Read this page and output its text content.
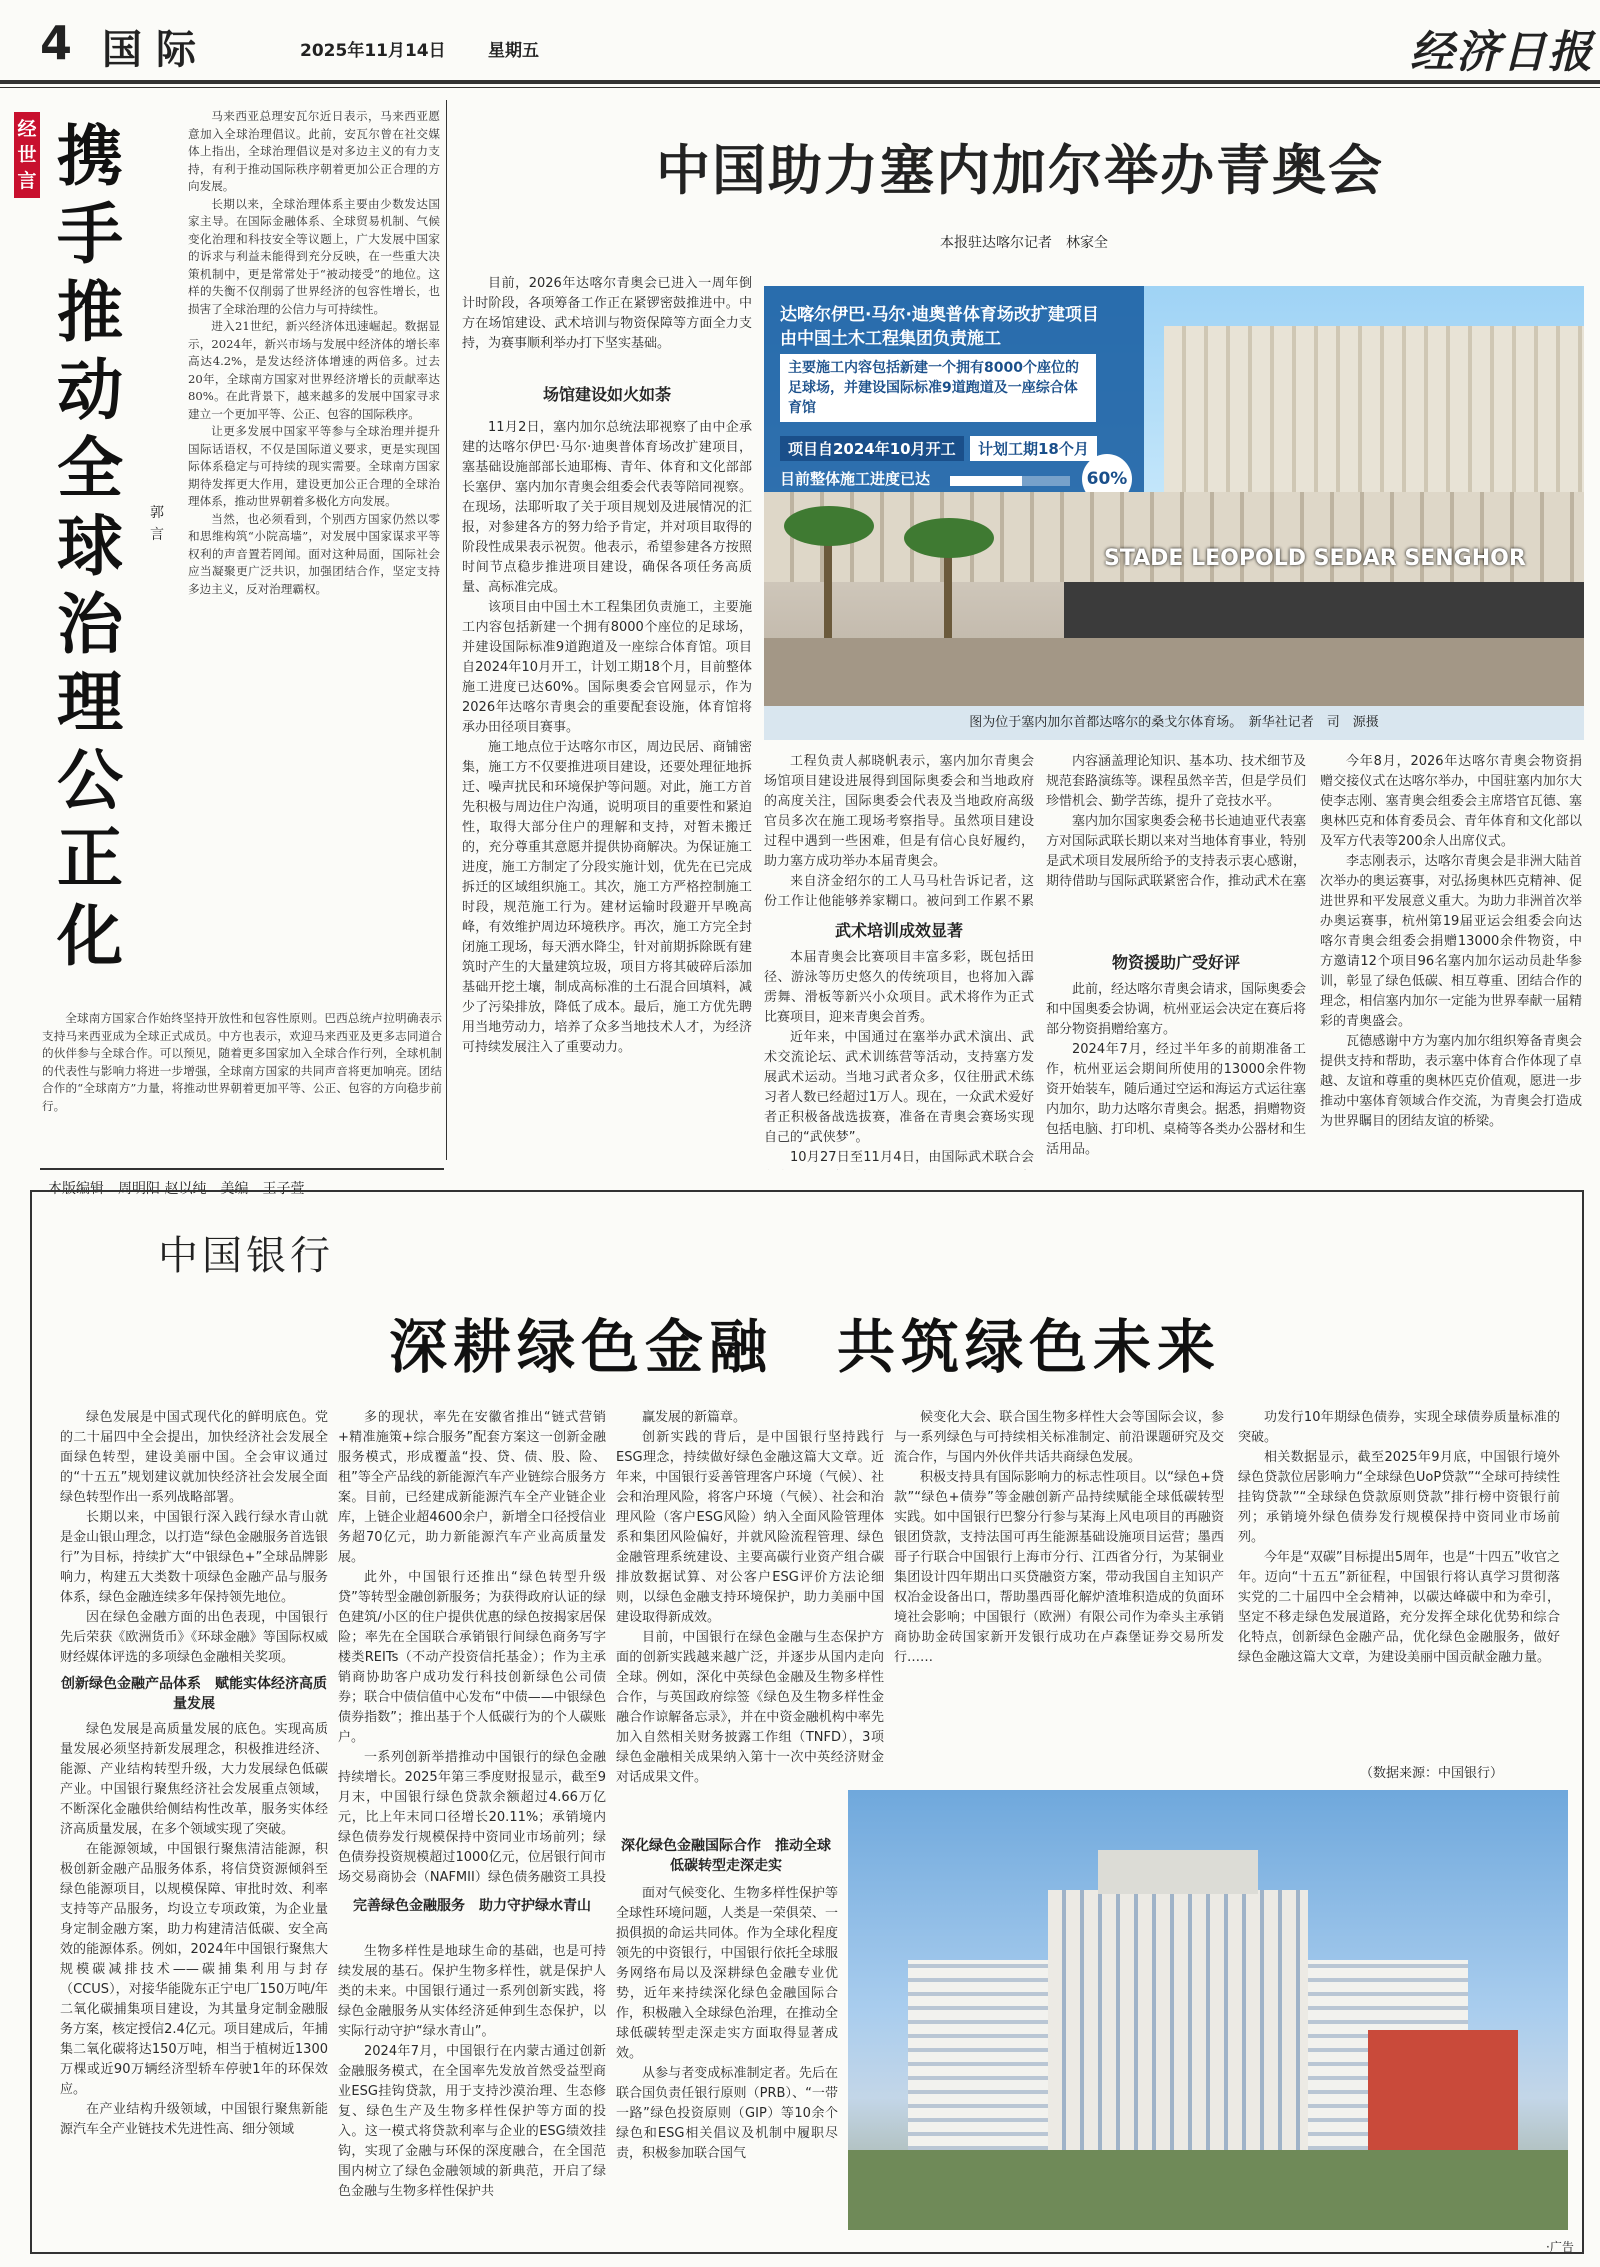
4 国际	2025年11月14日 星期五	经济日报
经世言 携手推动全球治理公正化
郭言

马来西亚总理安瓦尔近日表示，马来西亚愿意加入全球治理倡议。此前，安瓦尔曾在社交媒体上指出，全球治理倡议是对多边主义的有力支持，有利于推动国际秩序朝着更加公正合理的方向发展。

长期以来，全球治理体系主要由少数发达国家主导。在国际金融体系、全球贸易机制、气候变化治理和科技安全等议题上，广大发展中国家的诉求与利益未能得到充分反映，在一些重大决策机制中，更是常常处于“被动接受”的地位。这样的失衡不仅削弱了世界经济的包容性增长，也损害了全球治理的公信力与可持续性。

进入21世纪，新兴经济体迅速崛起。数据显示，2024年，新兴市场与发展中经济体的增长率高达4.2%，是发达经济体增速的两倍多。过去20年，全球南方国家对世界经济增长的贡献率达80%。在此背景下，越来越多的发展中国家寻求建立一个更加平等、公正、包容的国际秩序。

让更多发展中国家平等参与全球治理并提升国际话语权，不仅是国际道义要求，更是实现国际体系稳定与可持续的现实需要。全球南方国家期待发挥更大作用，建设更加公正合理的全球治理体系，推动世界朝着多极化方向发展。

当然，也必须看到，个别西方国家仍然以零和思维构筑“小院高墙”，对发展中国家谋求平等权利的声音置若罔闻。面对这种局面，国际社会应当凝聚更广泛共识，加强团结合作，坚定支持多边主义，反对治理霸权。

全球南方国家合作始终坚持开放性和包容性原则。巴西总统卢拉明确表示支持马来西亚成为全球正式成员。中方也表示，欢迎马来西亚及更多志同道合的伙伴参与全球合作。可以预见，随着更多国家加入全球合作行列，全球机制的代表性与影响力将进一步增强，全球南方国家的共同声音将更加响亮。团结合作的“全球南方”力量，将推动世界朝着更加平等、公正、包容的方向稳步前行。

本版编辑　 周明阳 赵以纯　 美编　 王子萱
中国助力塞内加尔举办青奥会
本报驻达喀尔记者　林家全

目前，2026年达喀尔青奥会已进入一周年倒计时阶段，各项筹备工作正在紧锣密鼓推进中。中方在场馆建设、武术培训与物资保障等方面全力支持，为赛事顺利举办打下坚实基础。

场馆建设如火如荼

11月2日，塞内加尔总统法耶视察了由中企承建的达喀尔伊巴·马尔·迪奥普体育场改扩建项目，塞基础设施部部长迪耶梅、青年、体育和文化部部长塞伊、塞内加尔青奥会组委会代表等陪同视察。在现场，法耶听取了关于项目规划及进展情况的汇报，对参建各方的努力给予肯定，并对项目取得的阶段性成果表示祝贺。他表示，希望参建各方按照时间节点稳步推进项目建设，确保各项任务高质量、高标准完成。

该项目由中国土木工程集团负责施工，主要施工内容包括新建一个拥有8000个座位的足球场，并建设国际标准9道跑道及一座综合体育馆。项目自2024年10月开工，计划工期18个月，目前整体施工进度已达60%。国际奥委会官网显示，作为2026年达喀尔青奥会的重要配套设施，体育馆将承办田径项目赛事。

施工地点位于达喀尔市区，周边民居、商铺密集，施工方不仅要推进项目建设，还要处理征地拆迁、噪声扰民和环境保护等问题。对此，施工方首先积极与周边住户沟通，说明项目的重要性和紧迫性，取得大部分住户的理解和支持，对暂未搬迁的，充分尊重其意愿并提供协商解决。为保证施工进度，施工方制定了分段实施计划，优先在已完成拆迁的区域组织施工。其次，施工方严格控制施工时段，规范施工行为。建材运输时段避开早晚高峰，有效维护周边环境秩序。再次，施工方完全封闭施工现场，每天洒水降尘，针对前期拆除既有建筑时产生的大量建筑垃圾，项目方将其破碎后添加基础开挖土壤，制成高标准的土石混合回填料，减少了污染排放，降低了成本。最后，施工方优先聘用当地劳动力，培养了众多当地技术人才，为经济可持续发展注入了重要动力。

达喀尔伊巴·马尔·迪奥普体育场改扩建项目
由中国土木工程集团负责施工
主要施工内容包括新建一个拥有8000个座位的足球场，并建设国际标准9道跑道及一座综合体育馆
项目自2024年10月开工	计划工期18个月
目前整体施工进度已达	60%
STADE LEOPOLD SEDAR SENGHOR
图为位于塞内加尔首都达喀尔的桑戈尔体育场。　新华社记者　司　源摄

工程负责人郝晓帆表示，塞内加尔青奥会场馆项目建设进展得到国际奥委会和当地政府的高度关注，国际奥委会代表及当地政府高级官员多次在施工现场考察指导。虽然项目建设过程中遇到一些困难，但是有信心良好履约，助力塞方成功举办本届青奥会。

来自济金绍尔的工人马马杜告诉记者，这份工作让他能够养家糊口。被问到工作累不累

武术培训成效显著

本届青奥会比赛项目丰富多彩，既包括田径、游泳等历史悠久的传统项目，也将加入霹雳舞、滑板等新兴小众项目。武术将作为正式比赛项目，迎来青奥会首秀。

近年来，中国通过在塞举办武术演出、武术交流论坛、武术训练营等活动，支持塞方发展武术运动。当地习武者众多，仅往册武术练习者人数已经超过1万人。现在，一众武术爱好者正积极备战选拔赛，准备在青奥会赛场实现自己的“武侠梦”。

10月27日至11月4日，由国际武术联合会

内容涵盖理论知识、基本功、技术细节及规范套路演练等。课程虽然辛苦，但是学员们珍惜机会、勤学苦练，提升了竞技水平。

塞内加尔国家奥委会秘书长迪迪亚代表塞方对国际武联长期以来对当地体育事业，特别是武术项目发展所给予的支持表示衷心感谢，期待借助与国际武联紧密合作，推动武术在塞

物资援助广受好评

此前，经达喀尔青奥会请求，国际奥委会和中国奥委会协调，杭州亚运会决定在赛后将部分物资捐赠给塞方。

2024年7月，经过半年多的前期准备工作，杭州亚运会期间所使用的13000余件物资开始装车，随后通过空运和海运方式运往塞内加尔，助力达喀尔青奥会。据悉，捐赠物资包括电脑、打印机、桌椅等各类办公器材和生活用品。

今年8月，2026年达喀尔青奥会物资捐赠交接仪式在达喀尔举办，中国驻塞内加尔大使李志刚、塞青奥会组委会主席塔官瓦德、塞奥林匹克和体育委员会、青年体育和文化部以及军方代表等200余人出席仪式。

李志刚表示，达喀尔青奥会是非洲大陆首次举办的奥运赛事，对弘扬奥林匹克精神、促进世界和平发展意义重大。为助力非洲首次举办奥运赛事，杭州第19届亚运会组委会向达喀尔青奥会组委会捐赠13000余件物资，中方邀请12个项目96名塞内加尔运动员赴华参训，彰显了绿色低碳、相互尊重、团结合作的理念，相信塞内加尔一定能为世界奉献一届精彩的青奥盛会。

瓦德感谢中方为塞内加尔组织筹备青奥会提供支持和帮助，表示塞中体育合作体现了卓越、友谊和尊重的奥林匹克价值观，愿进一步推动中塞体育领域合作交流，为青奥会打造成为世界瞩目的团结友谊的桥梁。

中国银行
深耕绿色金融　共筑绿色未来

绿色发展是中国式现代化的鲜明底色。党的二十届四中全会提出，加快经济社会发展全面绿色转型，建设美丽中国。全会审议通过的“十五五”规划建议就加快经济社会发展全面绿色转型作出一系列战略部署。

长期以来，中国银行深入践行绿水青山就是金山银山理念，以打造“绿色金融服务首选银行”为目标，持续扩大“中银绿色+”全球品牌影响力，构建五大类数十项绿色金融产品与服务体系，绿色金融连续多年保持领先地位。

因在绿色金融方面的出色表现，中国银行先后荣获《欧洲货币》《环球金融》等国际权威财经媒体评选的多项绿色金融相关奖项。

创新绿色金融产品体系　赋能实体经济高质量发展

绿色发展是高质量发展的底色。实现高质量发展必须坚持新发展理念，积极推进经济、能源、产业结构转型升级，大力发展绿色低碳产业。中国银行聚焦经济社会发展重点领域，不断深化金融供给侧结构性改革，服务实体经济高质量发展，在多个领域实现了突破。

在能源领域，中国银行聚焦清洁能源，积极创新金融产品服务体系，将信贷资源倾斜至绿色能源项目，以规模保障、审批时效、利率支持等产品服务，均设立专项政策，为企业量身定制金融方案，助力构建清洁低碳、安全高效的能源体系。例如，2024年中国银行聚焦大规模碳减排技术——碳捕集利用与封存（CCUS），对接华能陇东正宁电厂150万吨/年二氧化碳捕集项目建设，为其量身定制金融服务方案，核定授信2.4亿元。项目建成后，年捕集二氧化碳将达150万吨，相当于植树近1300万棵或近90万辆经济型轿车停驶1年的环保效应。

在产业结构升级领域，中国银行聚焦新能源汽车全产业链技术先进性高、细分领域

多的现状，率先在安徽省推出“链式营销+精准施策+综合服务”配套方案这一创新金融服务模式，形成覆盖“投、贷、债、股、险、租”等全产品线的新能源汽车产业链综合服务方案。目前，已经建成新能源汽车全产业链企业库，上链企业超4600余户，新增全口径授信业务超70亿元，助力新能源汽车产业高质量发展。

此外，中国银行还推出“绿色转型升级贷”等转型金融创新服务；为获得政府认证的绿色建筑/小区的住户提供优惠的绿色按揭家居保险；率先在全国联合承销银行间绿色商务写字楼类REITs（不动产投资信托基金）；作为主承销商协助客户成功发行科技创新绿色公司债券；联合中债信值中心发布“中债——中银绿色债券指数”；推出基于个人低碳行为的个人碳账户。

一系列创新举措推动中国银行的绿色金融持续增长。2025年第三季度财报显示，截至9月末，中国银行绿色贷款余额超过4.66万亿元，比上年末同口径增长20.11%；承销境内绿色债券发行规模保持中资同业市场前列；绿色债券投资规模超过1000亿元，位居银行间市场交易商协会（NAFMII）绿色债务融资工具投

完善绿色金融服务　助力守护绿水青山

生物多样性是地球生命的基础，也是可持续发展的基石。保护生物多样性，就是保护人类的未来。中国银行通过一系列创新实践，将绿色金融服务从实体经济延伸到生态保护，以实际行动守护“绿水青山”。

2024年7月，中国银行在内蒙古通过创新金融服务模式，在全国率先发放首然受益型商业ESG挂钩贷款，用于支持沙漠治理、生态修复、绿色生产及生物多样性保护等方面的投入。这一模式将贷款利率与企业的ESG绩效挂钩，实现了金融与环保的深度融合，在全国范围内树立了绿色金融领域的新典范，开启了绿色金融与生物多样性保护共

赢发展的新篇章。

创新实践的背后，是中国银行坚持践行ESG理念，持续做好绿色金融这篇大文章。近年来，中国银行妥善管理客户环境（气候）、社会和治理风险，将客户环境（气候）、社会和治理风险（客户ESG风险）纳入全面风险管理体系和集团风险偏好，并就风险流程管理、绿色金融管理系统建设、主要高碳行业资产组合碳排放数据试算、对公客户ESG评价方法论细则，以绿色金融支持环境保护，助力美丽中国建设取得新成效。

目前，中国银行在绿色金融与生态保护方面的创新实践越来越广泛，并逐步从国内走向全球。例如，深化中英绿色金融及生物多样性合作，与英国政府综签《绿色及生物多样性金融合作谅解备忘录》，并在中资金融机构中率先加入自然相关财务披露工作组（TNFD），3项绿色金融相关成果纳入第十一次中英经济财金对话成果文件。

深化绿色金融国际合作　推动全球低碳转型走深走实

面对气候变化、生物多样性保护等全球性环境问题，人类是一荣俱荣、一损俱损的命运共同体。作为全球化程度领先的中资银行，中国银行依托全球服务网络布局以及深耕绿色金融专业优势，近年来持续深化绿色金融国际合作，积极融入全球绿色治理，在推动全球低碳转型走深走实方面取得显著成效。

从参与者变成标准制定者。先后在联合国负责任银行原则（PRB）、“一带一路”绿色投资原则（GIP）等10余个绿色和ESG相关倡议及机制中履职尽责，积极参加联合国气

候变化大会、联合国生物多样性大会等国际会议，参与一系列绿色与可持续相关标准制定、前沿课题研究及交流合作，与国内外伙伴共话共商绿色发展。

积极支持具有国际影响力的标志性项目。以“绿色+贷款”“绿色+债券”等金融创新产品持续赋能全球低碳转型实践。如中国银行巴黎分行参与某海上风电项目的再融资银团贷款，支持法国可再生能源基础设施项目运营；墨西哥子行联合中国银行上海市分行、江西省分行，为某铜业集团设计四年期出口买贷融资方案，带动我国自主知识产权冶金设备出口，帮助墨西哥化解炉渣堆积造成的负面环境社会影响；中国银行（欧洲）有限公司作为牵头主承销商协助金砖国家新开发银行成功在卢森堡证券交易所发行……

功发行10年期绿色债券，实现全球债券质量标准的突破。

相关数据显示，截至2025年9月底，中国银行境外绿色贷款位居影响力“全球绿色UoP贷款”“全球可持续性挂钩贷款”“全球绿色贷款原则贷款”排行榜中资银行前列；承销境外绿色债券发行规模保持中资同业市场前列。

今年是“双碳”目标提出5周年，也是“十四五”收官之年。迈向“十五五”新征程，中国银行将认真学习贯彻落实党的二十届四中全会精神，以碳达峰碳中和为牵引，坚定不移走绿色发展道路，充分发挥全球化优势和综合化特点，创新绿色金融产品，优化绿色金融服务，做好绿色金融这篇大文章，为建设美丽中国贡献金融力量。

（数据来源：中国银行）
·广告
